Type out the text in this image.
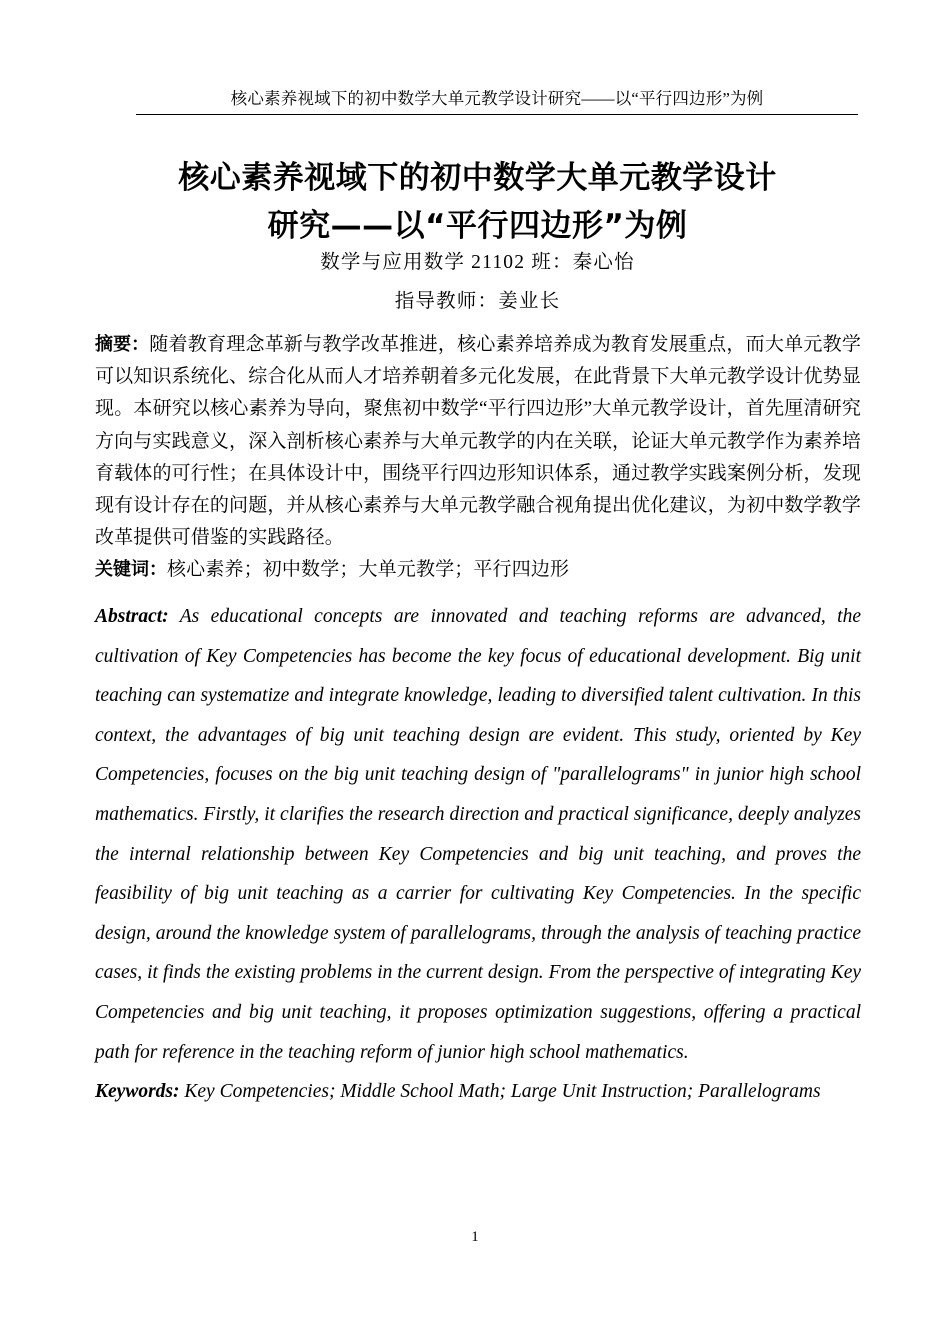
核心素养视域下的初中数学大单元教学设计研究——以“平行四边形”为例
核心素养视域下的初中数学大单元教学设计
研究——以“平行四边形”为例
数学与应用数学 21102 班：秦心怡
指导教师：姜业长

摘要：随着教育理念革新与教学改革推进，核心素养培养成为教育发展重点，而大单元教学可以知识系统化、综合化从而人才培养朝着多元化发展，在此背景下大单元教学设计优势显现。本研究以核心素养为导向，聚焦初中数学“平行四边形”大单元教学设计，首先厘清研究方向与实践意义，深入剖析核心素养与大单元教学的内在关联，论证大单元教学作为素养培育载体的可行性；在具体设计中，围绕平行四边形知识体系，通过教学实践案例分析，发现现有设计存在的问题，并从核心素养与大单元教学融合视角提出优化建议，为初中数学教学改革提供可借鉴的实践路径。

关键词：核心素养；初中数学；大单元教学；平行四边形

Abstract: As educational concepts are innovated and teaching reforms are advanced, the cultivation of Key Competencies has become the key focus of educational development. Big unit teaching can systematize and integrate knowledge, leading to diversified talent cultivation. In this context, the advantages of big unit teaching design are evident. This study, oriented by Key Competencies, focuses on the big unit teaching design of "parallelograms" in junior high school mathematics. Firstly, it clarifies the research direction and practical significance, deeply analyzes the internal relationship between Key Competencies and big unit teaching, and proves the feasibility of big unit teaching as a carrier for cultivating Key Competencies. In the specific design, around the knowledge system of parallelograms, through the analysis of teaching practice cases, it finds the existing problems in the current design. From the perspective of integrating Key Competencies and big unit teaching, it proposes optimization suggestions, offering a practical path for reference in the teaching reform of junior high school mathematics.

Keywords: Key Competencies; Middle School Math; Large Unit Instruction; Parallelograms

1
